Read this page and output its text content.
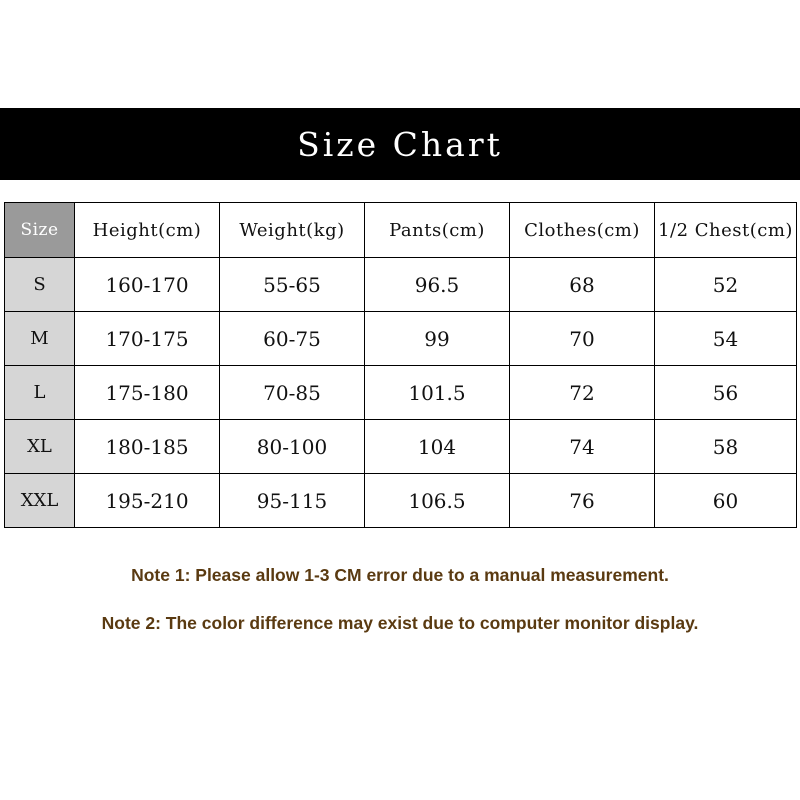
Size Chart
Size	Height(cm)	Weight(kg)	Pants(cm)	Clothes(cm)	1/2 Chest(cm)
S	160-170	55-65	96.5	68	52
M	170-175	60-75	99	70	54
L	175-180	70-85	101.5	72	56
XL	180-185	80-100	104	74	58
XXL	195-210	95-115	106.5	76	60
Note 1: Please allow 1-3 CM error due to a manual measurement.
Note 2: The color difference may exist due to computer monitor display.
